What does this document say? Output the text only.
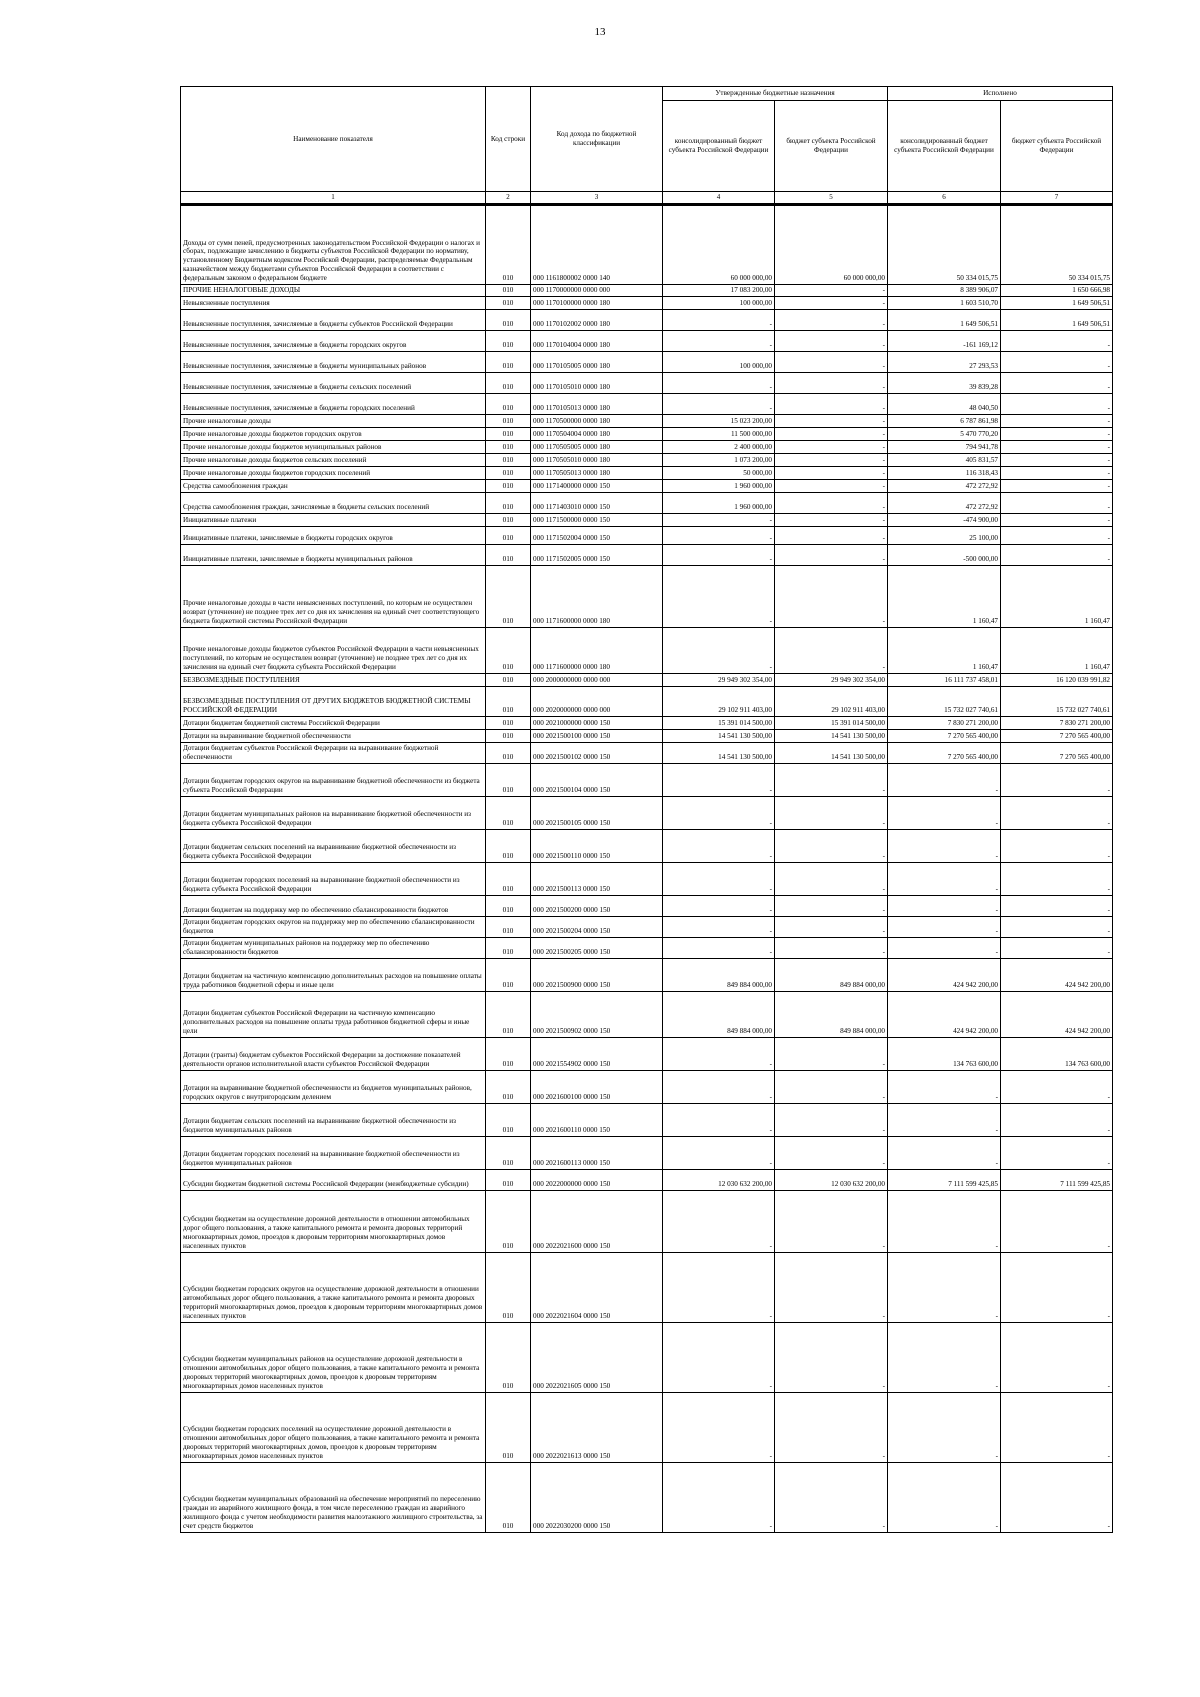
13
Наименование показателя	Код строки	Код дохода по бюджетной классификации	Утвержденные бюджетные назначения		Исполнено	
			консолидированный бюджет субъекта Российской Федерации	бюджет субъекта Российской Федерации	консолидированный бюджет субъекта Российской Федерации	бюджет субъекта Российской Федерации
1	2	3	4	5	6	7
Доходы от сумм пеней, предусмотренных законодательством Российской Федерации о налогах и сборах, подлежащие зачислению в бюджеты субъектов Российской Федерации по нормативу, установленному Бюджетным кодексом Российской Федерации, распределяемые Федеральным казначейством между бюджетами субъектов Российской Федерации в соответствии с федеральным законом о федеральном бюджете	010	000 1161800002 0000 140	60 000 000,00	60 000 000,00	50 334 015,75	50 334 015,75
ПРОЧИЕ НЕНАЛОГОВЫЕ ДОХОДЫ	010	000 1170000000 0000 000	17 083 200,00	-	8 389 906,07	1 650 666,98
Невыясненные поступления	010	000 1170100000 0000 180	100 000,00	-	1 603 510,70	1 649 506,51
Невыясненные поступления, зачисляемые в бюджеты субъектов Российской Федерации	010	000 1170102002 0000 180	-	-	1 649 506,51	1 649 506,51
Невыясненные поступления, зачисляемые в бюджеты городских округов	010	000 1170104004 0000 180	-	-	-161 169,12	-
Невыясненные поступления, зачисляемые в бюджеты муниципальных районов	010	000 1170105005 0000 180	100 000,00	-	27 293,53	-
Невыясненные поступления, зачисляемые в бюджеты сельских поселений	010	000 1170105010 0000 180	-	-	39 839,28	-
Невыясненные поступления, зачисляемые в бюджеты городских поселений	010	000 1170105013 0000 180	-	-	48 040,50	-
Прочие неналоговые доходы	010	000 1170500000 0000 180	15 023 200,00	-	6 787 861,98	-
Прочие неналоговые доходы бюджетов городских округов	010	000 1170504004 0000 180	11 500 000,00	-	5 470 770,20	-
Прочие неналоговые доходы бюджетов муниципальных районов	010	000 1170505005 0000 180	2 400 000,00	-	794 941,78	-
Прочие неналоговые доходы бюджетов сельских поселений	010	000 1170505010 0000 180	1 073 200,00	-	405 831,57	-
Прочие неналоговые доходы бюджетов городских поселений	010	000 1170505013 0000 180	50 000,00	-	116 318,43	-
Средства самообложения граждан	010	000 1171400000 0000 150	1 960 000,00	-	472 272,92	-
Средства самообложения граждан, зачисляемые в бюджеты сельских поселений	010	000 1171403010 0000 150	1 960 000,00	-	472 272,92	-
Инициативные платежи	010	000 1171500000 0000 150	-	-	-474 900,00	-
Инициативные платежи, зачисляемые в бюджеты городских округов	010	000 1171502004 0000 150	-	-	25 100,00	-
Инициативные платежи, зачисляемые в бюджеты муниципальных районов	010	000 1171502005 0000 150	-	-	-500 000,00	-
Прочие неналоговые доходы в части невыясненных поступлений, по которым не осуществлен возврат (уточнение) не позднее трех лет со дня их зачисления на единый счет соответствующего бюджета бюджетной системы Российской Федерации	010	000 1171600000 0000 180	-	-	1 160,47	1 160,47
Прочие неналоговые доходы бюджетов субъектов Российской Федерации в части невыясненных поступлений, по которым не осуществлен возврат (уточнение) не позднее трех лет со дня их зачисления на единый счет бюджета субъекта Российской Федерации	010	000 1171600000 0000 180	-	-	1 160,47	1 160,47
БЕЗВОЗМЕЗДНЫЕ ПОСТУПЛЕНИЯ	010	000 2000000000 0000 000	29 949 302 354,00	29 949 302 354,00	16 111 737 458,01	16 120 039 991,82
БЕЗВОЗМЕЗДНЫЕ ПОСТУПЛЕНИЯ ОТ ДРУГИХ БЮДЖЕТОВ БЮДЖЕТНОЙ СИСТЕМЫ РОССИЙСКОЙ ФЕДЕРАЦИИ	010	000 2020000000 0000 000	29 102 911 403,00	29 102 911 403,00	15 732 027 740,61	15 732 027 740,61
Дотации бюджетам бюджетной системы Российской Федерации	010	000 2021000000 0000 150	15 391 014 500,00	15 391 014 500,00	7 830 271 200,00	7 830 271 200,00
Дотации на выравнивание бюджетной обеспеченности	010	000 2021500100 0000 150	14 541 130 500,00	14 541 130 500,00	7 270 565 400,00	7 270 565 400,00
Дотации бюджетам субъектов Российской Федерации на выравнивание бюджетной обеспеченности	010	000 2021500102 0000 150	14 541 130 500,00	14 541 130 500,00	7 270 565 400,00	7 270 565 400,00
Дотации бюджетам городских округов на выравнивание бюджетной обеспеченности из бюджета субъекта Российской Федерации	010	000 2021500104 0000 150	-	-	-	-
Дотации бюджетам муниципальных районов на выравнивание бюджетной обеспеченности из бюджета субъекта Российской Федерации	010	000 2021500105 0000 150	-	-	-	-
Дотации бюджетам сельских поселений на выравнивание бюджетной обеспеченности из бюджета субъекта Российской Федерации	010	000 2021500110 0000 150	-	-	-	-
Дотации бюджетам городских поселений на выравнивание бюджетной обеспеченности из бюджета субъекта Российской Федерации	010	000 2021500113 0000 150	-	-	-	-
Дотации бюджетам на поддержку мер по обеспечению сбалансированности бюджетов	010	000 2021500200 0000 150	-	-	-	-
Дотации бюджетам городских округов на поддержку мер по обеспечению сбалансированности бюджетов	010	000 2021500204 0000 150	-	-	-	-
Дотации бюджетам муниципальных районов на поддержку мер по обеспечению сбалансированности бюджетов	010	000 2021500205 0000 150	-	-	-	-
Дотации бюджетам на частичную компенсацию дополнительных расходов на повышение оплаты труда работников бюджетной сферы и иные цели	010	000 2021500900 0000 150	849 884 000,00	849 884 000,00	424 942 200,00	424 942 200,00
Дотации бюджетам субъектов Российской Федерации на частичную компенсацию дополнительных расходов на повышение оплаты труда работников бюджетной сферы и иные цели	010	000 2021500902 0000 150	849 884 000,00	849 884 000,00	424 942 200,00	424 942 200,00
Дотации (гранты) бюджетам субъектов Российской Федерации за достижение показателей деятельности органов исполнительной власти субъектов Российской Федерации	010	000 2021554902 0000 150	-	-	134 763 600,00	134 763 600,00
Дотации на выравнивание бюджетной обеспеченности из бюджетов муниципальных районов, городских округов с внутригородским делением	010	000 2021600100 0000 150	-	-	-	-
Дотации бюджетам сельских поселений на выравнивание бюджетной обеспеченности из бюджетов муниципальных районов	010	000 2021600110 0000 150	-	-	-	-
Дотации бюджетам городских поселений на выравнивание бюджетной обеспеченности из бюджетов муниципальных районов	010	000 2021600113 0000 150	-	-	-	-
Субсидии бюджетам бюджетной системы Российской Федерации (межбюджетные субсидии)	010	000 2022000000 0000 150	12 030 632 200,00	12 030 632 200,00	7 111 599 425,85	7 111 599 425,85
Субсидии бюджетам на осуществление дорожной деятельности в отношении автомобильных дорог общего пользования, а также капитального ремонта и ремонта дворовых территорий многоквартирных домов, проездов к дворовым территориям многоквартирных домов населенных пунктов	010	000 2022021600 0000 150	-	-	-	-
Субсидии бюджетам городских округов на осуществление дорожной деятельности в отношении автомобильных дорог общего пользования, а также капитального ремонта и ремонта дворовых территорий многоквартирных домов, проездов к дворовым территориям многоквартирных домов населенных пунктов	010	000 2022021604 0000 150	-	-	-	-
Субсидии бюджетам муниципальных районов на осуществление дорожной деятельности в отношении автомобильных дорог общего пользования, а также капитального ремонта и ремонта дворовых территорий многоквартирных домов, проездов к дворовым территориям многоквартирных домов населенных пунктов	010	000 2022021605 0000 150	-	-	-	-
Субсидии бюджетам городских поселений на осуществление дорожной деятельности в отношении автомобильных дорог общего пользования, а также капитального ремонта и ремонта дворовых территорий многоквартирных домов, проездов к дворовым территориям многоквартирных домов населенных пунктов	010	000 2022021613 0000 150	-	-	-	-
Субсидии бюджетам муниципальных образований на обеспечение мероприятий по переселению граждан из аварийного жилищного фонда, в том числе переселению граждан из аварийного жилищного фонда с учетом необходимости развития малоэтажного жилищного строительства, за счет средств бюджетов	010	000 2022030200 0000 150	-	-	-	-
